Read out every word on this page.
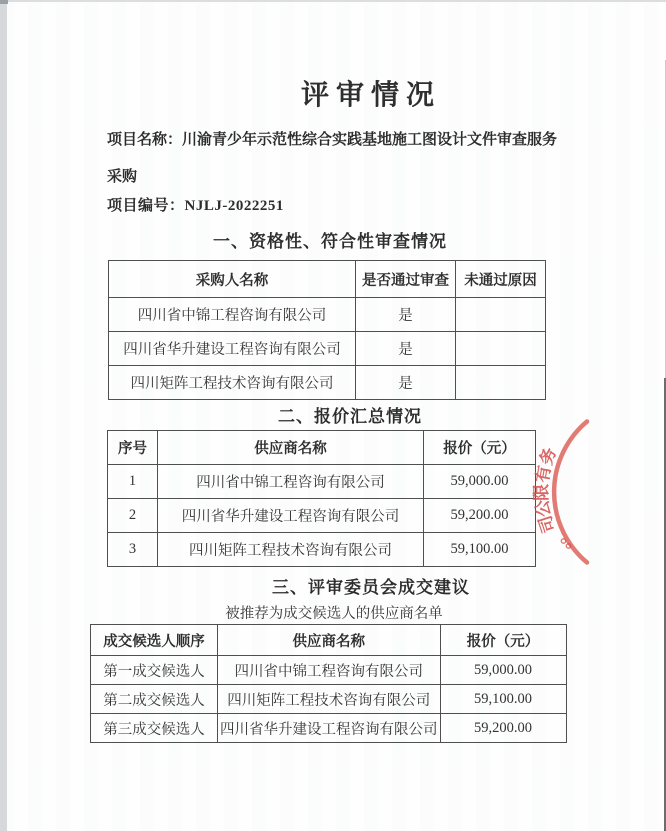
评审情况
项目名称：川渝青少年示范性综合实践基地施工图设计文件审查服务
采购
项目编号：NJLJ-2022251
一、资格性、符合性审查情况
采购人名称	是否通过审查	未通过原因
四川省中锦工程咨询有限公司	是	
四川省华升建设工程咨询有限公司	是	
四川矩阵工程技术咨询有限公司	是	
二、报价汇总情况
序号	供应商名称	报价（元）
1	四川省中锦工程咨询有限公司	59,000.00
2	四川省华升建设工程咨询有限公司	59,200.00
3	四川矩阵工程技术咨询有限公司	59,100.00
三、评审委员会成交建议
被推荐为成交候选人的供应商名单
成交候选人顺序	供应商名称	报价（元）
第一成交候选人	四川省中锦工程咨询有限公司	59,000.00
第二成交候选人	四川矩阵工程技术咨询有限公司	59,100.00
第三成交候选人	四川省华升建设工程咨询有限公司	59,200.00
务
有
限
公
司
